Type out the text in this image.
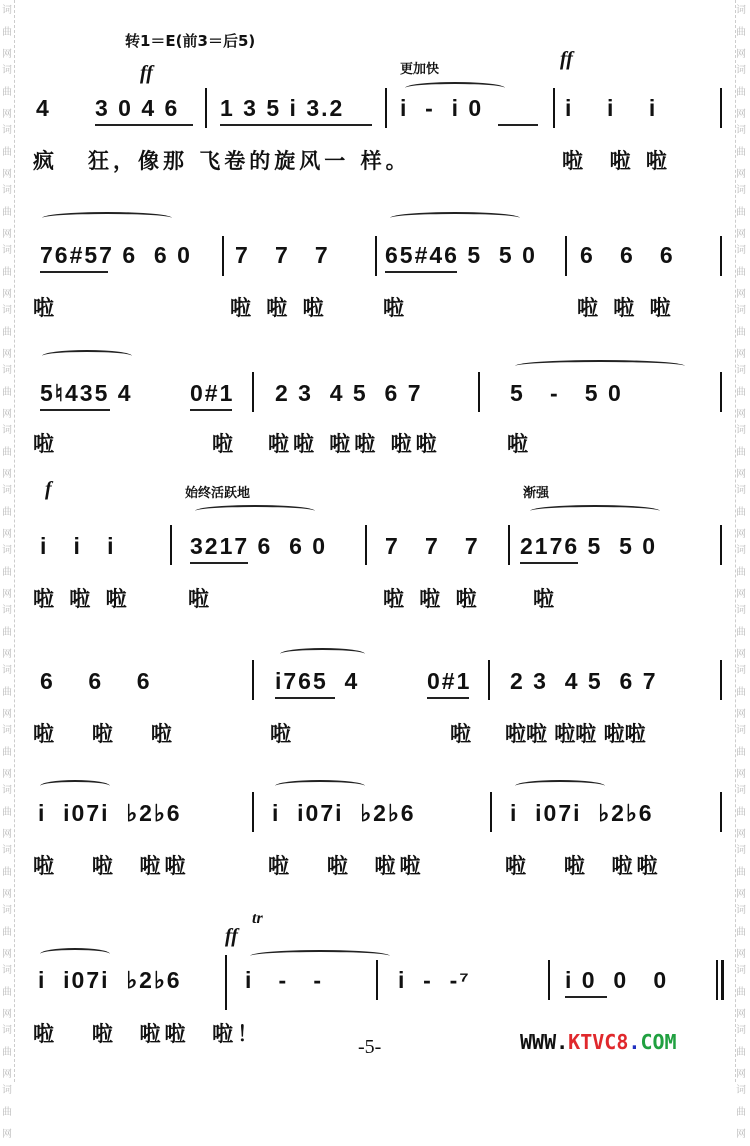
词
曲
网
词
曲
网
词
曲
网
词
曲
网
词
曲
网
词
曲
网
词
曲
网
词
曲
网
词
曲
网
词
曲
网
词
曲
网
词
曲
网
词
曲
网
词
曲
网
词
曲
网
词
曲
网
词
曲
网
词
曲
网
词
曲
网
词
曲
网
词
曲
网
词
曲
网
词
曲
网
词
曲
网
词
曲
网
词
曲
网
词
曲
网
词
曲
网
词
曲
网
词
曲
网
词
曲
网
词
曲
网
词
曲
网
词
曲
网
词
曲
网
词
曲
网
词
曲
网
词
曲
网
转1＝E(前3＝后5)
ff	更加快	ff
4 3 0 4 6 1 3 5 i 3.2 i  -  i 0	i    i    i
疯 狂，像那 飞卷的旋风一 样。	啦  啦 啦
76#57 6  6 0 7   7   7 65#46 5  5 0 6   6   6
啦	啦 啦 啦	啦	啦 啦 啦
5♮435 4 0#1 2 3  4 5  6 7	5   -   5 0
啦	啦 啦啦 啦啦 啦啦	啦
f	始终活跃地	渐强
i   i   i	3217 6  6 0	7   7   7 2176 5  5 0
啦 啦 啦	啦	啦 啦 啦 啦
6    6    6	i765  4	0#1 2 3  4 5  6 7
啦   啦   啦	啦	啦 啦啦 啦啦 啦啦
i  i07i  ♭2♭6	i  i07i  ♭2♭6	i  i07i  ♭2♭6
啦   啦  啦啦	啦   啦  啦啦	啦   啦  啦啦
ff
tr
i  i07i  ♭2♭6	i   -   -	i  -  -⁷	i 0  0   0
啦   啦  啦啦  啦！
-5-	WWW.KTVC8.COM
